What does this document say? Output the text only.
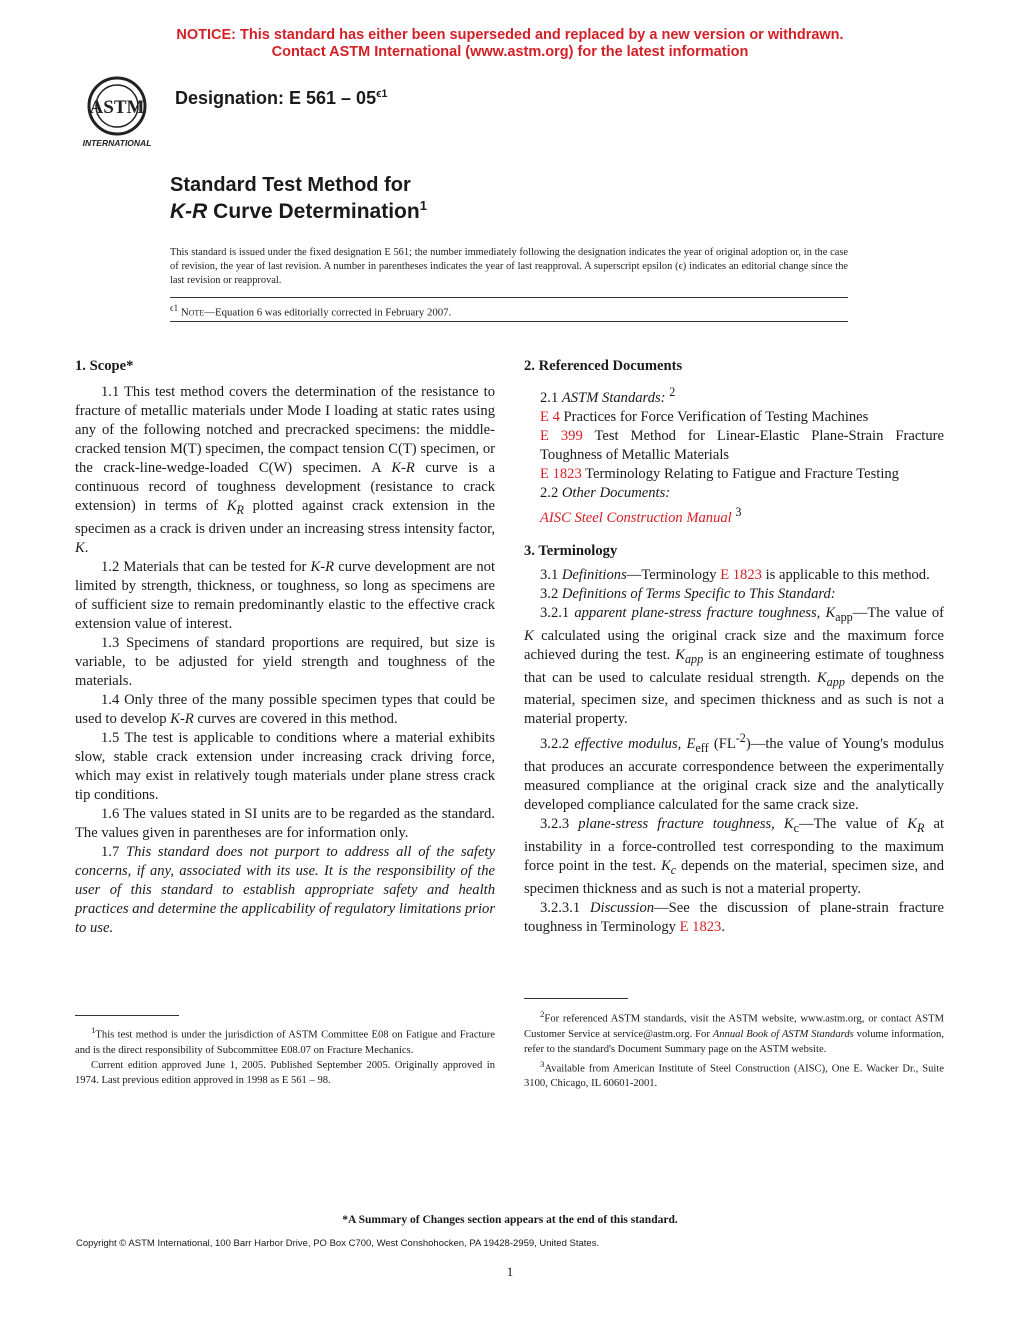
NOTICE: This standard has either been superseded and replaced by a new version or withdrawn.
Contact ASTM International (www.astm.org) for the latest information
ASTM
INTERNATIONAL
Designation: E $561 - 05^{\epsilon 1}$
Standard Test Method for
K-R Curve Determination$^1$
This standard is issued under the fixed designation E 561; the number immediately following the designation indicates the year of original adoption or, in the case of revision, the year of last revision. A number in parentheses indicates the year of last reapproval. A superscript epsilon (ϵ) indicates an editorial change since the last revision or reapproval.
$^{\epsilon 1}$ Note—Equation 6 was editorially corrected in February 2007.
1. Scope*

1.1 This test method covers the determination of the resistance to fracture of metallic materials under Mode I loading at static rates using any of the following notched and precracked specimens: the middle-cracked tension M(T) specimen, the compact tension C(T) specimen, or the crack-line-wedge-loaded C(W) specimen. A K-R curve is a continuous record of toughness development (resistance to crack extension) in terms of $K_R$ plotted against crack extension in the specimen as a crack is driven under an increasing stress intensity factor, K.

1.2 Materials that can be tested for K-R curve development are not limited by strength, thickness, or toughness, so long as specimens are of sufficient size to remain predominantly elastic to the effective crack extension value of interest.

1.3 Specimens of standard proportions are required, but size is variable, to be adjusted for yield strength and toughness of the materials.

1.4 Only three of the many possible specimen types that could be used to develop K-R curves are covered in this method.

1.5 The test is applicable to conditions where a material exhibits slow, stable crack extension under increasing crack driving force, which may exist in relatively tough materials under plane stress crack tip conditions.

1.6 The values stated in SI units are to be regarded as the standard. The values given in parentheses are for information only.

1.7 This standard does not purport to address all of the safety concerns, if any, associated with its use. It is the responsibility of the user of this standard to establish appropriate safety and health practices and determine the applicability of regulatory limitations prior to use.

2. Referenced Documents

2.1 ASTM Standards: $^2$

E 4 Practices for Force Verification of Testing Machines

E 399 Test Method for Linear-Elastic Plane-Strain Fracture Toughness of Metallic Materials

E 1823 Terminology Relating to Fatigue and Fracture Testing

2.2 Other Documents:

AISC Steel Construction Manual $^3$

3. Terminology

3.1 Definitions—Terminology E 1823 is applicable to this method.

3.2 Definitions of Terms Specific to This Standard:

3.2.1 apparent plane-stress fracture toughness, $K_{app}—The$ value of K calculated using the original crack size and the maximum force achieved during the test. $K_{app}$ is an engineering estimate of toughness that can be used to calculate residual strength. $K_{app}$ depends on the material, specimen size, and specimen thickness and as such is not a material property.

3.2.2 effective modulus, $E_{eff}$ $(FL^{-2})—the$ value of Young's modulus that produces an accurate correspondence between the experimentally measured compliance at the original crack size and the analytically developed compliance calculated for the same crack size.

3.2.3 plane-stress fracture toughness, $K_c—The$ value of $K_R$ at instability in a force-controlled test corresponding to the maximum force point in the test. $K_c$ depends on the material, specimen size, and specimen thickness and as such is not a material property.

3.2.3.1 Discussion—See the discussion of plane-strain fracture toughness in Terminology E 1823.

$^1$This test method is under the jurisdiction of ASTM Committee E08 on Fatigue and Fracture and is the direct responsibility of Subcommittee E08.07 on Fracture Mechanics.

Current edition approved June 1, 2005. Published September 2005. Originally approved in 1974. Last previous edition approved in 1998 as E 561 – 98.

$^2$For referenced ASTM standards, visit the ASTM website, www.astm.org, or contact ASTM Customer Service at service@astm.org. For Annual Book of ASTM Standards volume information, refer to the standard's Document Summary page on the ASTM website.

$^3$Available from American Institute of Steel Construction (AISC), One E. Wacker Dr., Suite 3100, Chicago, IL 60601-2001.

*A Summary of Changes section appears at the end of this standard.
Copyright © ASTM International, 100 Barr Harbor Drive, PO Box C700, West Conshohocken, PA 19428-2959, United States.
1
